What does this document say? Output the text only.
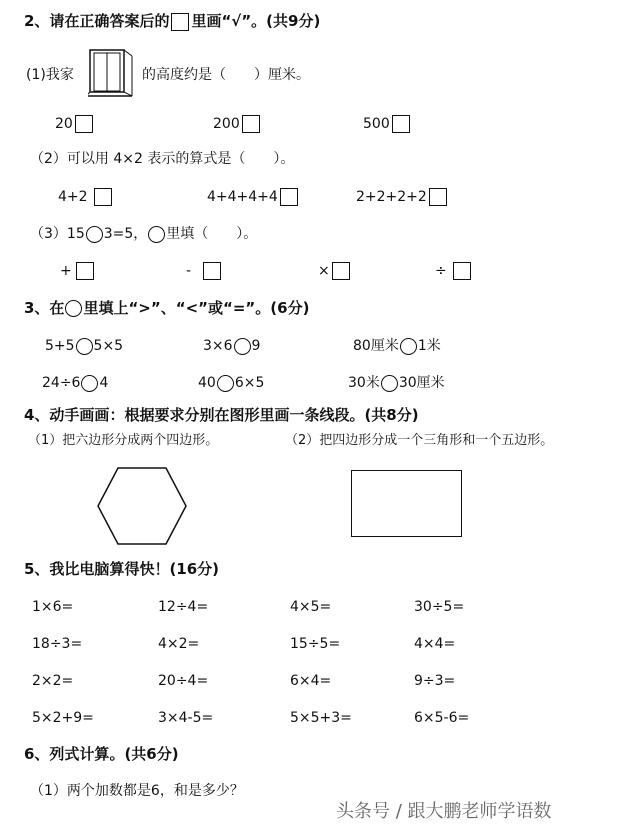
2、请在正确答案后的 里画“√”。(共9分)
(1)我家	的高度约是（　　）厘米。
20	200	500
（2）可以用 4×2 表示的算式是（　　）。
4+2	4+4+4+4	2+2+2+2
（3）15 3=5， 里填（　　）。
+	-	×	÷
3、在 里填上“>”、“<”或“=”。(6分)
5+5 5×5	3×6 9	80厘米 1米
24÷6 4	40 6×5	30米 30厘米
4、动手画画：根据要求分别在图形里画一条线段。(共8分)
（1）把六边形分成两个四边形。	（2）把四边形分成一个三角形和一个五边形。
5、我比电脑算得快！(16分)
1×6=	12÷4=	4×5=	30÷5=
18÷3=	4×2=	15÷5=	4×4=
2×2=	20÷4=	6×4=	9÷3=
5×2+9=	3×4-5=	5×5+3=	6×5-6=
6、列式计算。(共6分)
（1）两个加数都是6，和是多少？
头条号 / 跟大鹏老师学语数
